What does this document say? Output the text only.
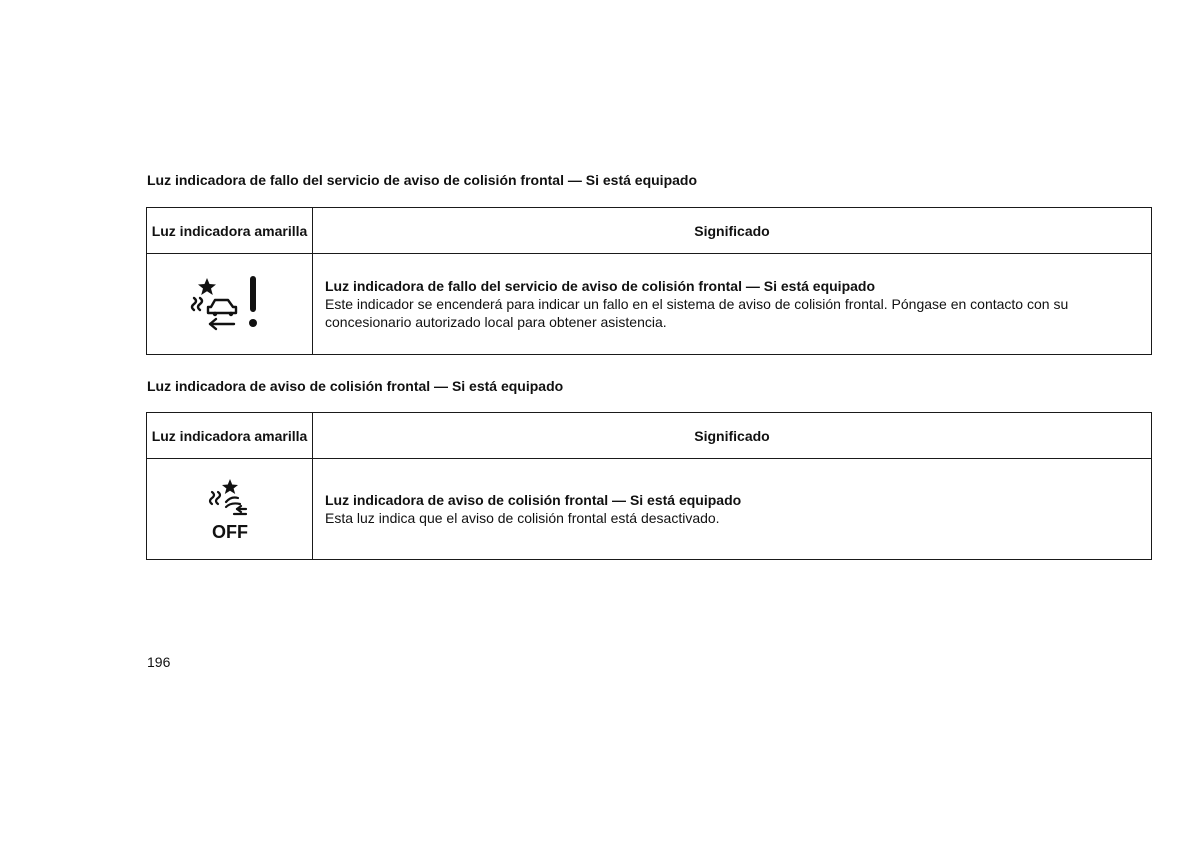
Luz indicadora de fallo del servicio de aviso de colisión frontal — Si está equipado
Luz indicadora amarilla	Significado

Luz indicadora de fallo del servicio de aviso de colisión frontal — Si está equipado
Este indicador se encenderá para indicar un fallo en el sistema de aviso de colisión frontal. Póngase en contacto con su concesionario autorizado local para obtener asistencia.
Luz indicadora de aviso de colisión frontal — Si está equipado
Luz indicadora amarilla	Significado

OFF	Luz indicadora de aviso de colisión frontal — Si está equipado
Esta luz indica que el aviso de colisión frontal está desactivado.
196
